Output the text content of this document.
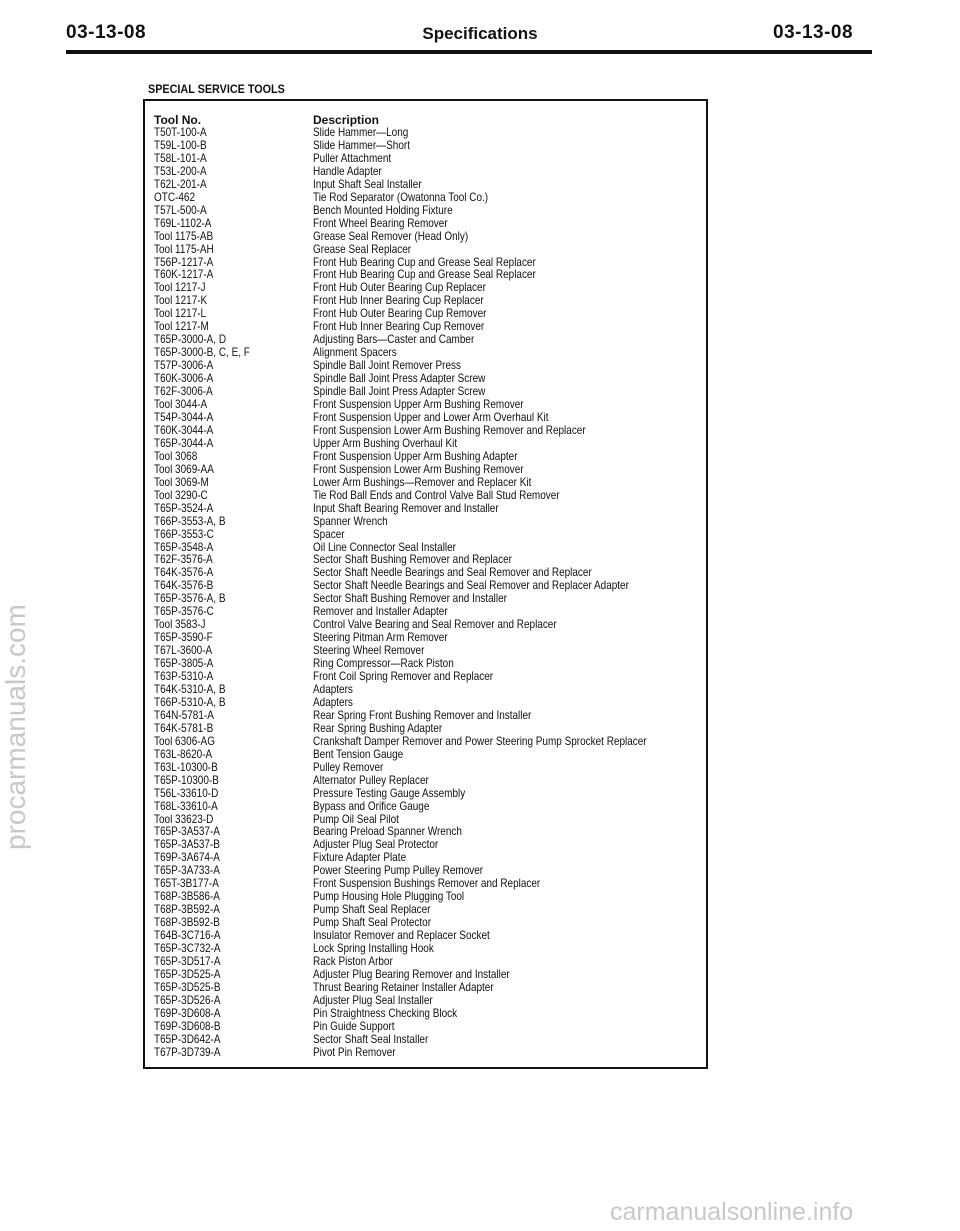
03-13-08	Specifications	03-13-08
SPECIAL SERVICE TOOLS
Tool No.
T50T-100-A
T59L-100-B
T58L-101-A
T53L-200-A
T62L-201-A
OTC-462
T57L-500-A
T69L-1102-A
Tool 1175-AB
Tool 1175-AH
T56P-1217-A
T60K-1217-A
Tool 1217-J
Tool 1217-K
Tool 1217-L
Tool 1217-M
T65P-3000-A, D
T65P-3000-B, C, E, F
T57P-3006-A
T60K-3006-A
T62F-3006-A
Tool 3044-A
T54P-3044-A
T60K-3044-A
T65P-3044-A
Tool 3068
Tool 3069-AA
Tool 3069-M
Tool 3290-C
T65P-3524-A
T66P-3553-A, B
T66P-3553-C
T65P-3548-A
T62F-3576-A
T64K-3576-A
T64K-3576-B
T65P-3576-A, B
T65P-3576-C
Tool 3583-J
T65P-3590-F
T67L-3600-A
T65P-3805-A
T63P-5310-A
T64K-5310-A, B
T66P-5310-A, B
T64N-5781-A
T64K-5781-B
Tool 6306-AG
T63L-8620-A
T63L-10300-B
T65P-10300-B
T56L-33610-D
T68L-33610-A
Tool 33623-D
T65P-3A537-A
T65P-3A537-B
T69P-3A674-A
T65P-3A733-A
T65T-3B177-A
T68P-3B586-A
T68P-3B592-A
T68P-3B592-B
T64B-3C716-A
T65P-3C732-A
T65P-3D517-A
T65P-3D525-A
T65P-3D525-B
T65P-3D526-A
T69P-3D608-A
T69P-3D608-B
T65P-3D642-A
T67P-3D739-A
Description
Slide Hammer—Long
Slide Hammer—Short
Puller Attachment
Handle Adapter
Input Shaft Seal Installer
Tie Rod Separator (Owatonna Tool Co.)
Bench Mounted Holding Fixture
Front Wheel Bearing Remover
Grease Seal Remover (Head Only)
Grease Seal Replacer
Front Hub Bearing Cup and Grease Seal Replacer
Front Hub Bearing Cup and Grease Seal Replacer
Front Hub Outer Bearing Cup Replacer
Front Hub Inner Bearing Cup Replacer
Front Hub Outer Bearing Cup Remover
Front Hub Inner Bearing Cup Remover
Adjusting Bars—Caster and Camber
Alignment Spacers
Spindle Ball Joint Remover Press
Spindle Ball Joint Press Adapter Screw
Spindle Ball Joint Press Adapter Screw
Front Suspension Upper Arm Bushing Remover
Front Suspension Upper and Lower Arm Overhaul Kit
Front Suspension Lower Arm Bushing Remover and Replacer
Upper Arm Bushing Overhaul Kit
Front Suspension Upper Arm Bushing Adapter
Front Suspension Lower Arm Bushing Remover
Lower Arm Bushings—Remover and Replacer Kit
Tie Rod Ball Ends and Control Valve Ball Stud Remover
Input Shaft Bearing Remover and Installer
Spanner Wrench
Spacer
Oil Line Connector Seal Installer
Sector Shaft Bushing Remover and Replacer
Sector Shaft Needle Bearings and Seal Remover and Replacer
Sector Shaft Needle Bearings and Seal Remover and Replacer Adapter
Sector Shaft Bushing Remover and Installer
Remover and Installer Adapter
Control Valve Bearing and Seal Remover and Replacer
Steering Pitman Arm Remover
Steering Wheel Remover
Ring Compressor—Rack Piston
Front Coil Spring Remover and Replacer
Adapters
Adapters
Rear Spring Front Bushing Remover and Installer
Rear Spring Bushing Adapter
Crankshaft Damper Remover and Power Steering Pump Sprocket Replacer
Bent Tension Gauge
Pulley Remover
Alternator Pulley Replacer
Pressure Testing Gauge Assembly
Bypass and Orifice Gauge
Pump Oil Seal Pilot
Bearing Preload Spanner Wrench
Adjuster Plug Seal Protector
Fixture Adapter Plate
Power Steering Pump Pulley Remover
Front Suspension Bushings Remover and Replacer
Pump Housing Hole Plugging Tool
Pump Shaft Seal Replacer
Pump Shaft Seal Protector
Insulator Remover and Replacer Socket
Lock Spring Installing Hook
Rack Piston Arbor
Adjuster Plug Bearing Remover and Installer
Thrust Bearing Retainer Installer Adapter
Adjuster Plug Seal Installer
Pin Straightness Checking Block
Pin Guide Support
Sector Shaft Seal Installer
Pivot Pin Remover
procarmanuals.com
carmanualsonline.info
